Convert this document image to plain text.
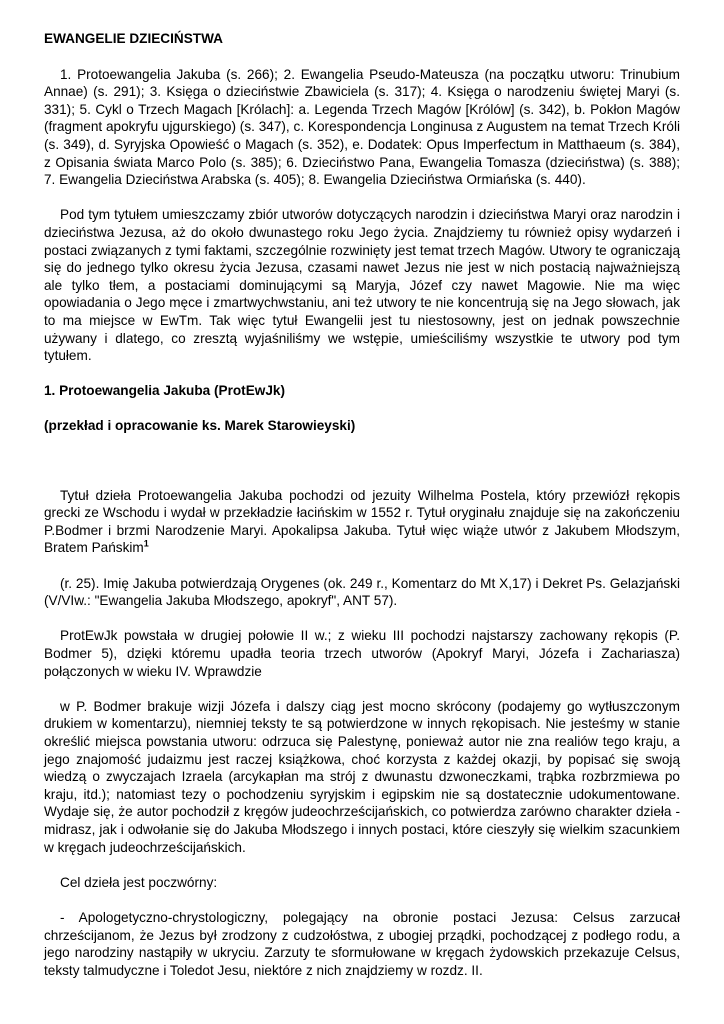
EWANGELIE DZIECIŃSTWA

1. Protoewangelia Jakuba (s. 266); 2. Ewangelia Pseudo-Mateusza (na początku utworu: Trinubium Annae) (s. 291); 3. Księga o dzieciństwie Zbawiciela (s. 317); 4. Księga o narodzeniu świętej Maryi (s. 331); 5. Cykl o Trzech Magach [Królach]: a. Legenda Trzech Magów [Królów] (s. 342), b. Pokłon Magów (fragment apokryfu ujgurskiego) (s. 347), c. Korespondencja Longinusa z Augustem na temat Trzech Króli (s. 349), d. Syryjska Opowieść o Magach (s. 352), e. Dodatek: Opus Imperfectum in Matthaeum (s. 384), z Opisania świata Marco Polo (s. 385); 6. Dzieciństwo Pana, Ewangelia Tomasza (dzieciństwa) (s. 388); 7. Ewangelia Dzieciństwa Arabska (s. 405); 8. Ewangelia Dzieciństwa Ormiańska (s. 440).

Pod tym tytułem umieszczamy zbiór utworów dotyczących narodzin i dzieciństwa Maryi oraz narodzin i dzieciństwa Jezusa, aż do około dwunastego roku Jego życia. Znajdziemy tu również opisy wydarzeń i postaci związanych z tymi faktami, szczególnie rozwinięty jest temat trzech Magów. Utwory te ograniczają się do jednego tylko okresu życia Jezusa, czasami nawet Jezus nie jest w nich postacią najważniejszą ale tylko tłem, a postaciami dominującymi są Maryja, Józef czy nawet Magowie. Nie ma więc opowiadania o Jego męce i zmartwychwstaniu, ani też utwory te nie koncentrują się na Jego słowach, jak to ma miejsce w EwTm. Tak więc tytuł Ewangelii jest tu niestosowny, jest on jednak powszechnie używany i dlatego, co zresztą wyjaśniliśmy we wstępie, umieściliśmy wszystkie te utwory pod tym tytułem.

1. Protoewangelia Jakuba (ProtEwJk)
(przekład i opracowanie ks. Marek Starowieyski)

Tytuł dzieła Protoewangelia Jakuba pochodzi od jezuity Wilhelma Postela, który przewiózł rękopis grecki ze Wschodu i wydał w przekładzie łacińskim w 1552 r. Tytuł oryginału znajduje się na zakończeniu P.Bodmer i brzmi Narodzenie Maryi. Apokalipsa Jakuba. Tytuł więc wiąże utwór z Jakubem Młodszym, Bratem Pańskim$^1$

(r. 25). Imię Jakuba potwierdzają Orygenes (ok. 249 r., Komentarz do Mt X,17) i Dekret Ps. Gelazjański (V/VIw.: "Ewangelia Jakuba Młodszego, apokryf", ANT 57).

ProtEwJk powstała w drugiej połowie II w.; z wieku III pochodzi najstarszy zachowany rękopis (P. Bodmer 5), dzięki któremu upadła teoria trzech utworów (Apokryf Maryi, Józefa i Zachariasza) połączonych w wieku IV. Wprawdzie

w P. Bodmer brakuje wizji Józefa i dalszy ciąg jest mocno skrócony (podajemy go wytłuszczonym drukiem w komentarzu), niemniej teksty te są potwierdzone w innych rękopisach. Nie jesteśmy w stanie określić miejsca powstania utworu: odrzuca się Palestynę, ponieważ autor nie zna realiów tego kraju, a jego znajomość judaizmu jest raczej książkowa, choć korzysta z każdej okazji, by popisać się swoją wiedzą o zwyczajach Izraela (arcykapłan ma strój z dwunastu dzwoneczkami, trąbka rozbrzmiewa po kraju, itd.); natomiast tezy o pochodzeniu syryjskim i egipskim nie są dostatecznie udokumentowane. Wydaje się, że autor pochodził z kręgów judeochrześcijańskich, co potwierdza zarówno charakter dzieła - midrasz, jak i odwołanie się do Jakuba Młodszego i innych postaci, które cieszyły się wielkim szacunkiem w kręgach judeochrześcijańskich.

Cel dzieła jest poczwórny:

- Apologetyczno-chrystologiczny, polegający na obronie postaci Jezusa: Celsus zarzucał chrześcijanom, że Jezus był zrodzony z cudzołóstwa, z ubogiej prządki, pochodzącej z podłego rodu, a jego narodziny nastąpiły w ukryciu. Zarzuty te sformułowane w kręgach żydowskich przekazuje Celsus, teksty talmudyczne i Toledot Jesu, niektóre z nich znajdziemy w rozdz. II.
